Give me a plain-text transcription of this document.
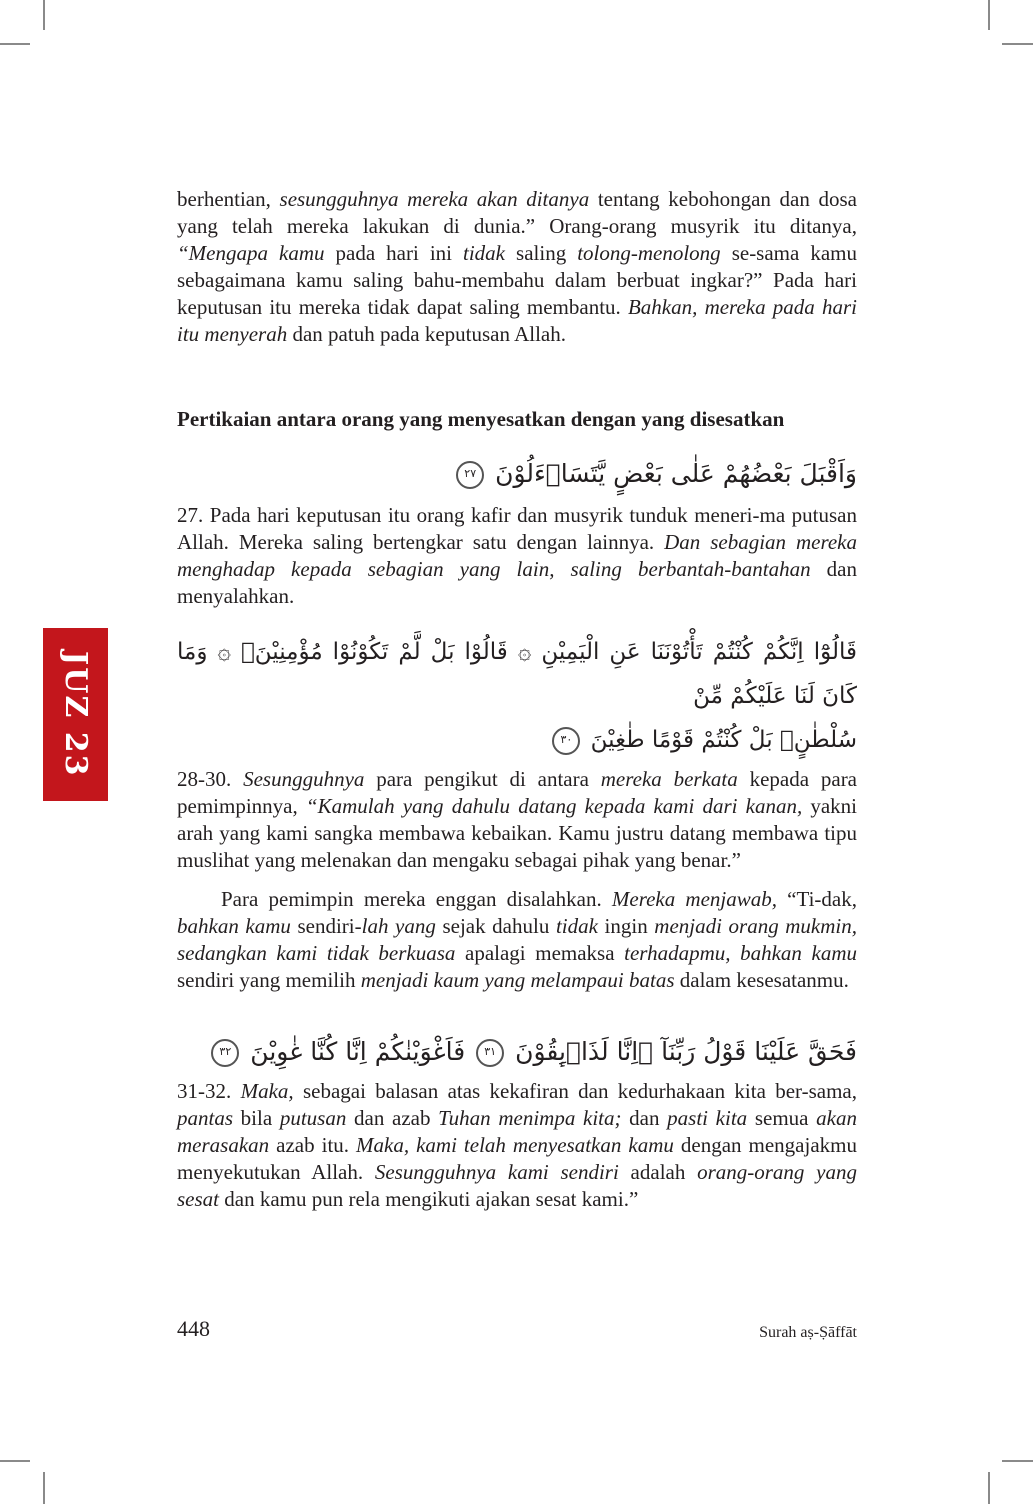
JUZ 23

berhentian, sesungguhnya mereka akan ditanya tentang kebohongan dan dosa yang telah mereka lakukan di dunia.” Orang-orang musyrik itu ditanya, “Mengapa kamu pada hari ini tidak saling tolong-menolong se-sama kamu sebagaimana kamu saling bahu-membahu dalam berbuat ingkar?” Pada hari keputusan itu mereka tidak dapat saling membantu. Bahkan, mereka pada hari itu menyerah dan patuh pada keputusan Allah.

Pertikaian antara orang yang menyesatkan dengan yang disesatkan
وَاَقْبَلَ بَعْضُهُمْ عَلٰى بَعْضٍ يَّتَسَاۤءَلُوْنَ ٢٧

27. Pada hari keputusan itu orang kafir dan musyrik tunduk meneri-ma putusan Allah. Mereka saling bertengkar satu dengan lainnya. Dan sebagian mereka menghadap kepada sebagian yang lain, saling berbantah-bantahan dan menyalahkan.

قَالُوْٓا اِنَّكُمْ كُنْتُمْ تَأْتُوْنَنَا عَنِ الْيَمِيْنِ ۞ قَالُوْا بَلْ لَّمْ تَكُوْنُوْا مُؤْمِنِيْنَۚ ۞ وَمَا كَانَ لَنَا عَلَيْكُمْ مِّنْ
سُلْطٰنٍۚ بَلْ كُنْتُمْ قَوْمًا طٰغِيْنَ ٣٠

28-30. Sesungguhnya para pengikut di antara mereka berkata kepada para pemimpinnya, “Kamulah yang dahulu datang kepada kami dari kanan, yakni arah yang kami sangka membawa kebaikan. Kamu justru datang membawa tipu muslihat yang melenakan dan mengaku sebagai pihak yang benar.”

Para pemimpin mereka enggan disalahkan. Mereka menjawab, “Ti-dak, bahkan kamu sendiri-lah yang sejak dahulu tidak ingin menjadi orang mukmin, sedangkan kami tidak berkuasa apalagi memaksa terhadapmu, bahkan kamu sendiri yang memilih menjadi kaum yang melampaui batas dalam kesesatanmu.

فَحَقَّ عَلَيْنَا قَوْلُ رَبِّنَآ ۖاِنَّا لَذَاۤىِٕقُوْنَ ٣١ فَاَغْوَيْنٰكُمْ اِنَّا كُنَّا غٰوِيْنَ ٣٢

31-32. Maka, sebagai balasan atas kekafiran dan kedurhakaan kita ber-sama, pantas bila putusan dan azab Tuhan menimpa kita; dan pasti kita semua akan merasakan azab itu. Maka, kami telah menyesatkan kamu dengan mengajakmu menyekutukan Allah. Sesungguhnya kami sendiri adalah orang-orang yang sesat dan kamu pun rela mengikuti ajakan sesat kami.”

448	Surah aṣ-Ṣāffāt
